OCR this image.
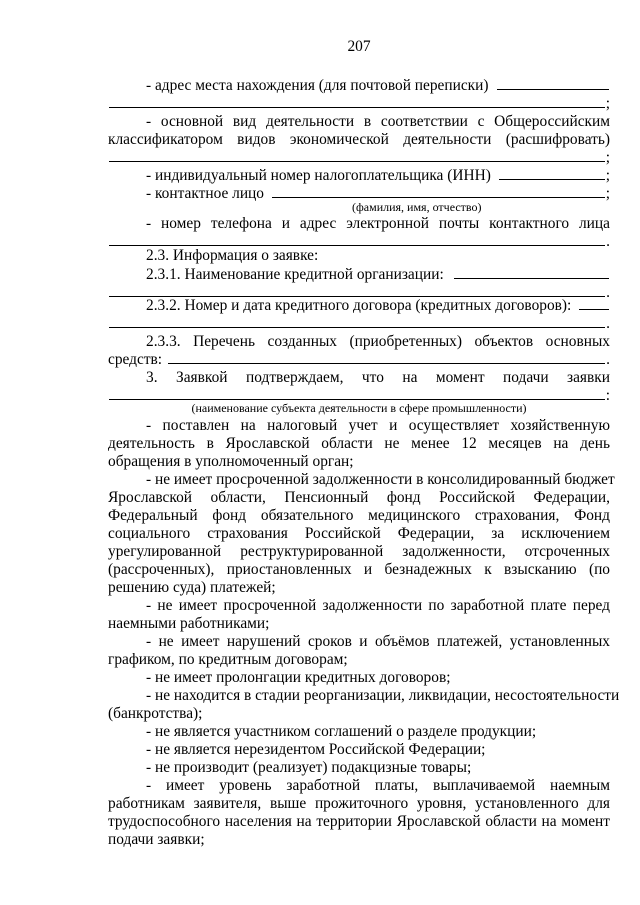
207
- адрес места нахождения (для почтовой переписки)
;
- основной вид деятельности в соответствии с Общероссийским
классификатором видов экономической деятельности (расшифровать)
;
- индивидуальный номер налогоплательщика (ИНН)	;
- контактное лицо	;
(фамилия, имя, отчество)
- номер телефона и адрес электронной почты контактного лица
.
2.3. Информация о заявке:
2.3.1. Наименование кредитной организации:
.
2.3.2. Номер и дата кредитного договора (кредитных договоров):
.
2.3.3. Перечень созданных (приобретенных) объектов основных
средств:	.
3. Заявкой подтверждаем, что на момент подачи заявки
:
(наименование субъекта деятельности в сфере промышленности)
- поставлен на налоговый учет и осуществляет хозяйственную
деятельность в Ярославской области не менее 12 месяцев на день
обращения в уполномоченный орган;
- не имеет просроченной задолженности в консолидированный бюджет
Ярославской области, Пенсионный фонд Российской Федерации,
Федеральный фонд обязательного медицинского страхования, Фонд
социального страхования Российской Федерации, за исключением
урегулированной реструктурированной задолженности, отсроченных
(рассроченных), приостановленных и безнадежных к взысканию (по
решению суда) платежей;
- не имеет просроченной задолженности по заработной плате перед
наемными работниками;
- не имеет нарушений сроков и объёмов платежей, установленных
графиком, по кредитным договорам;
- не имеет пролонгации кредитных договоров;
- не находится в стадии реорганизации, ликвидации, несостоятельности
(банкротства);
- не является участником соглашений о разделе продукции;
- не является нерезидентом Российской Федерации;
- не производит (реализует) подакцизные товары;
- имеет уровень заработной платы, выплачиваемой наемным
работникам заявителя, выше прожиточного уровня, установленного для
трудоспособного населения на территории Ярославской области на момент
подачи заявки;
